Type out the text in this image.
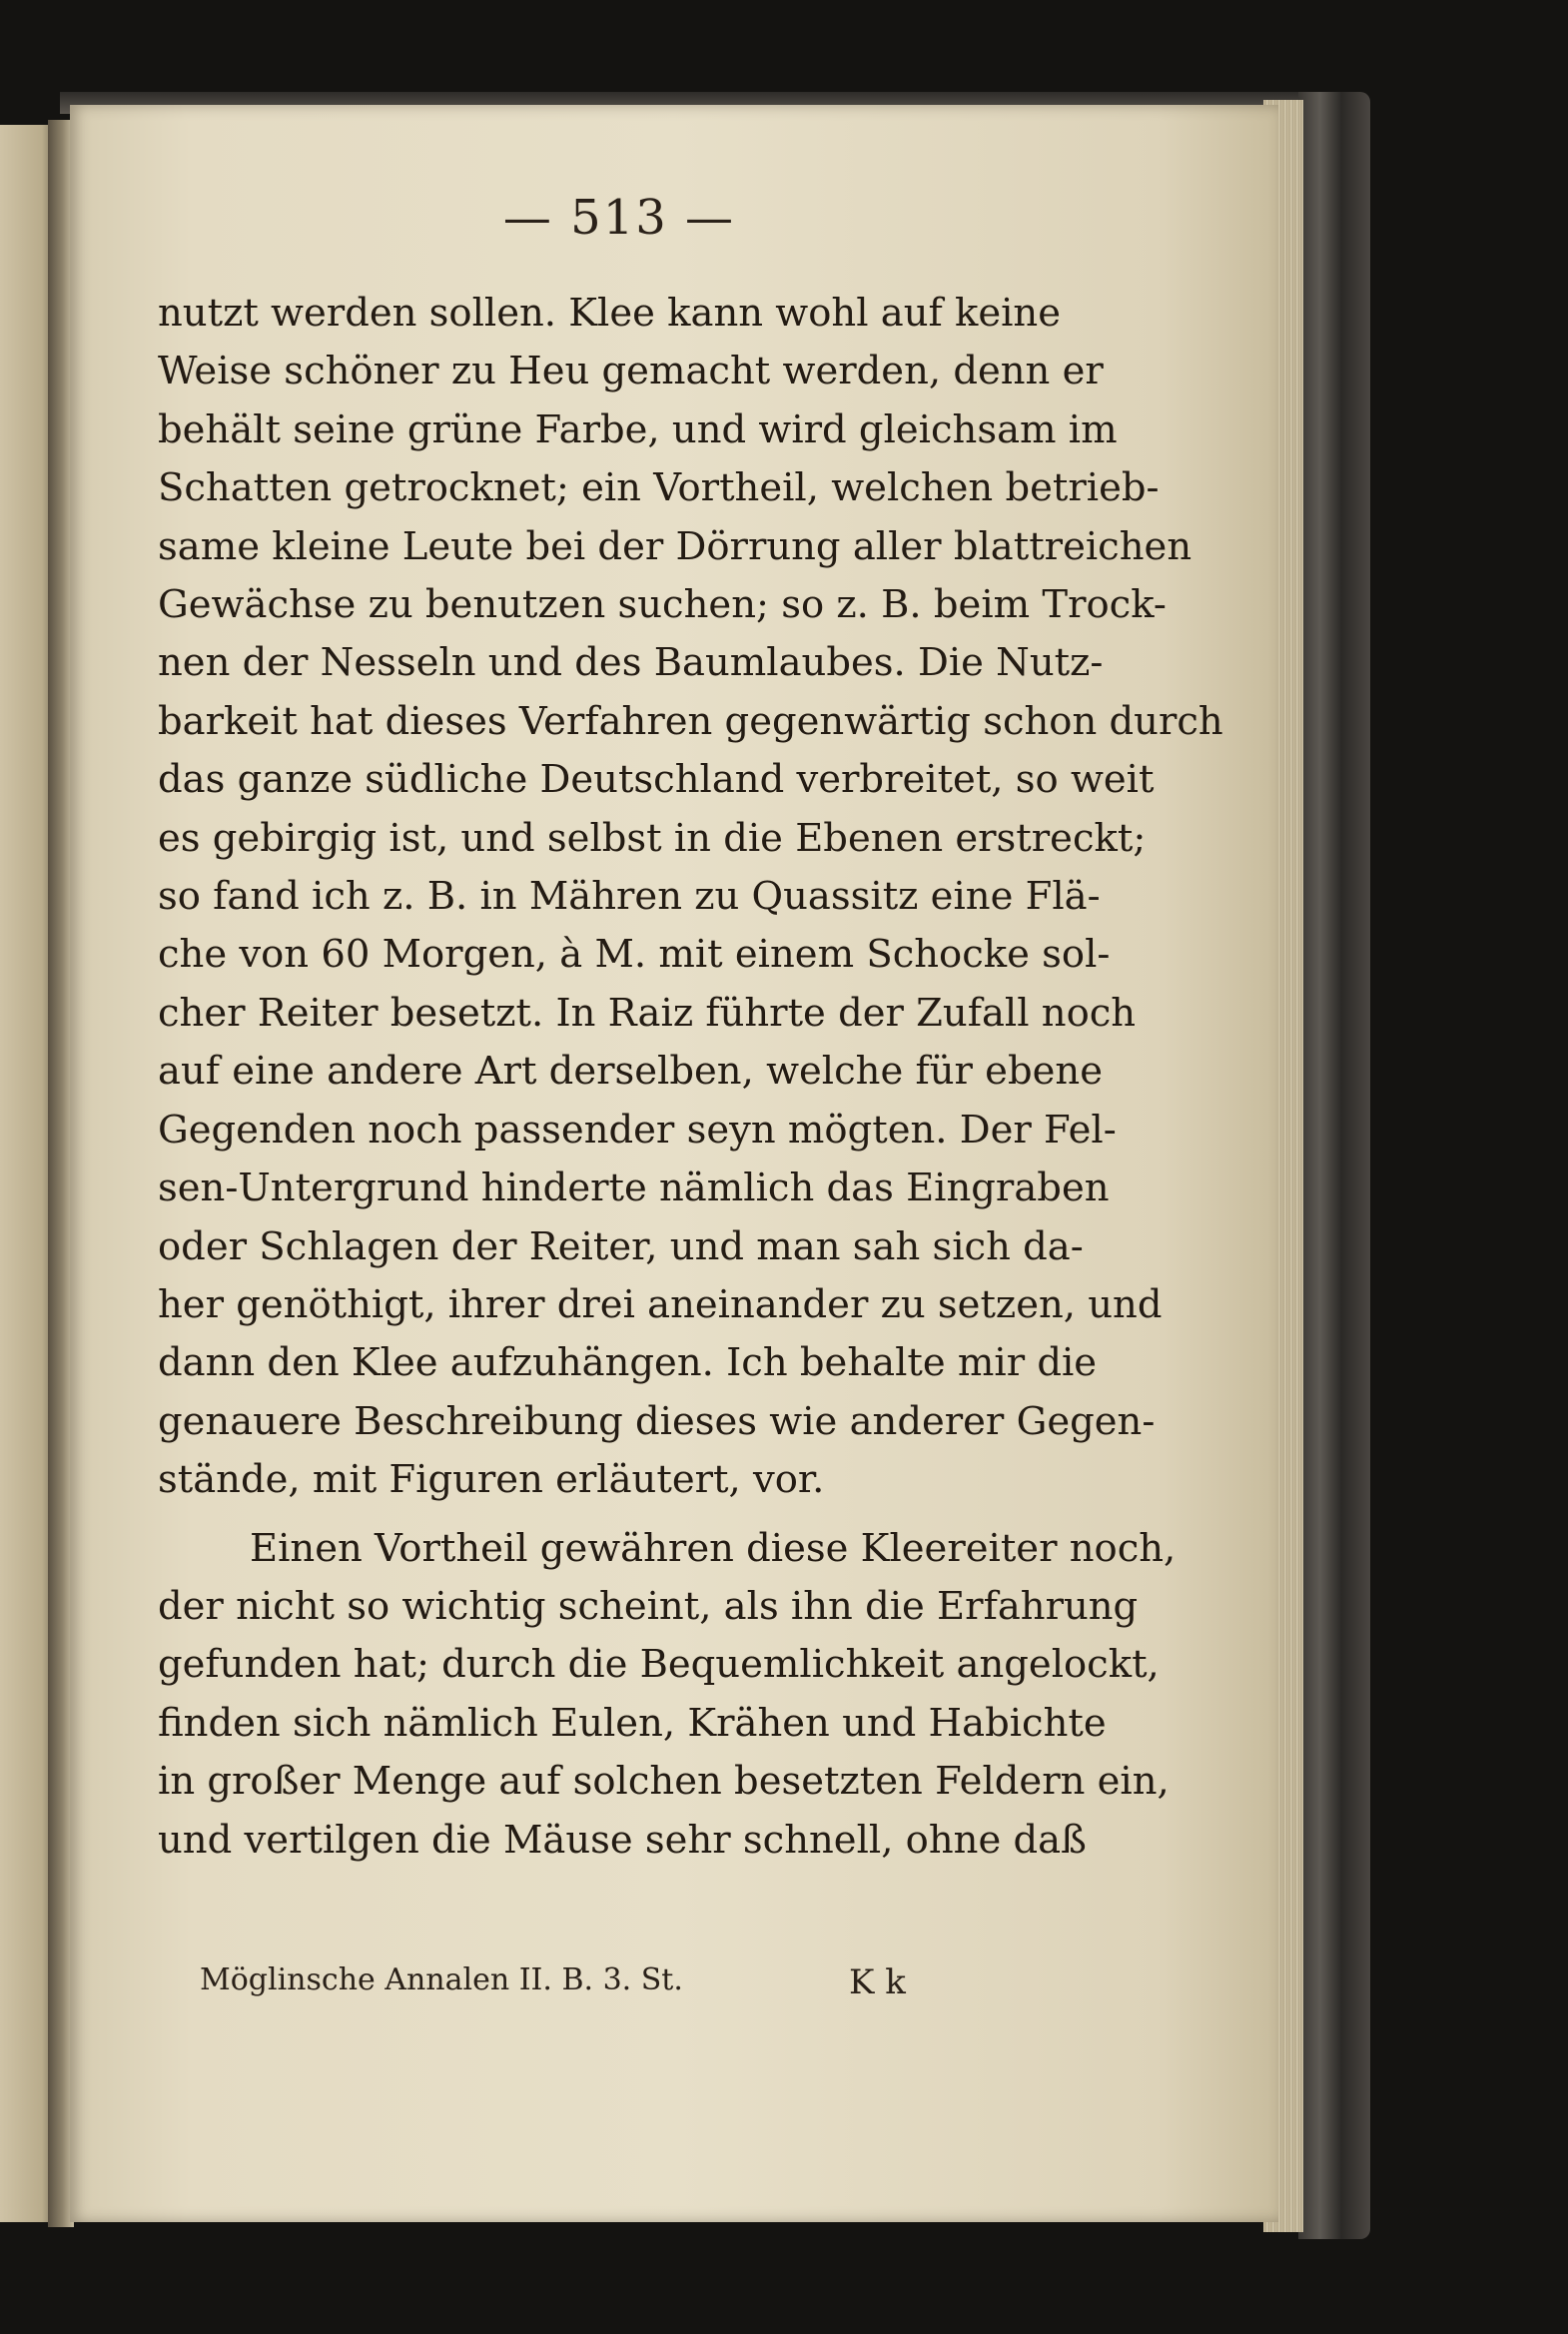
— 513 —
nutzt werden sollen. Klee kann wohl auf keine
Weise schöner zu Heu gemacht werden, denn er
behält seine grüne Farbe, und wird gleichsam im
Schatten getrocknet; ein Vortheil, welchen betrieb-
same kleine Leute bei der Dörrung aller blattreichen
Gewächse zu benutzen suchen; so z. B. beim Trock-
nen der Nesseln und des Baumlaubes. Die Nutz-
barkeit hat dieses Verfahren gegenwärtig schon durch
das ganze südliche Deutschland verbreitet, so weit
es gebirgig ist, und selbst in die Ebenen erstreckt;
so fand ich z. B. in Mähren zu Quassitz eine Flä-
che von 60 Morgen, à M. mit einem Schocke sol-
cher Reiter besetzt. In Raiz führte der Zufall noch
auf eine andere Art derselben, welche für ebene
Gegenden noch passender seyn mögten. Der Fel-
sen-Untergrund hinderte nämlich das Eingraben
oder Schlagen der Reiter, und man sah sich da-
her genöthigt, ihrer drei aneinander zu setzen, und
dann den Klee aufzuhängen. Ich behalte mir die
genauere Beschreibung dieses wie anderer Gegen-
stände, mit Figuren erläutert, vor.
Einen Vortheil gewähren diese Kleereiter noch,
der nicht so wichtig scheint, als ihn die Erfahrung
gefunden hat; durch die Bequemlichkeit angelockt,
finden sich nämlich Eulen, Krähen und Habichte
in großer Menge auf solchen besetzten Feldern ein,
und vertilgen die Mäuse sehr schnell, ohne daß
Möglinsche Annalen II. B. 3. St.	K k
